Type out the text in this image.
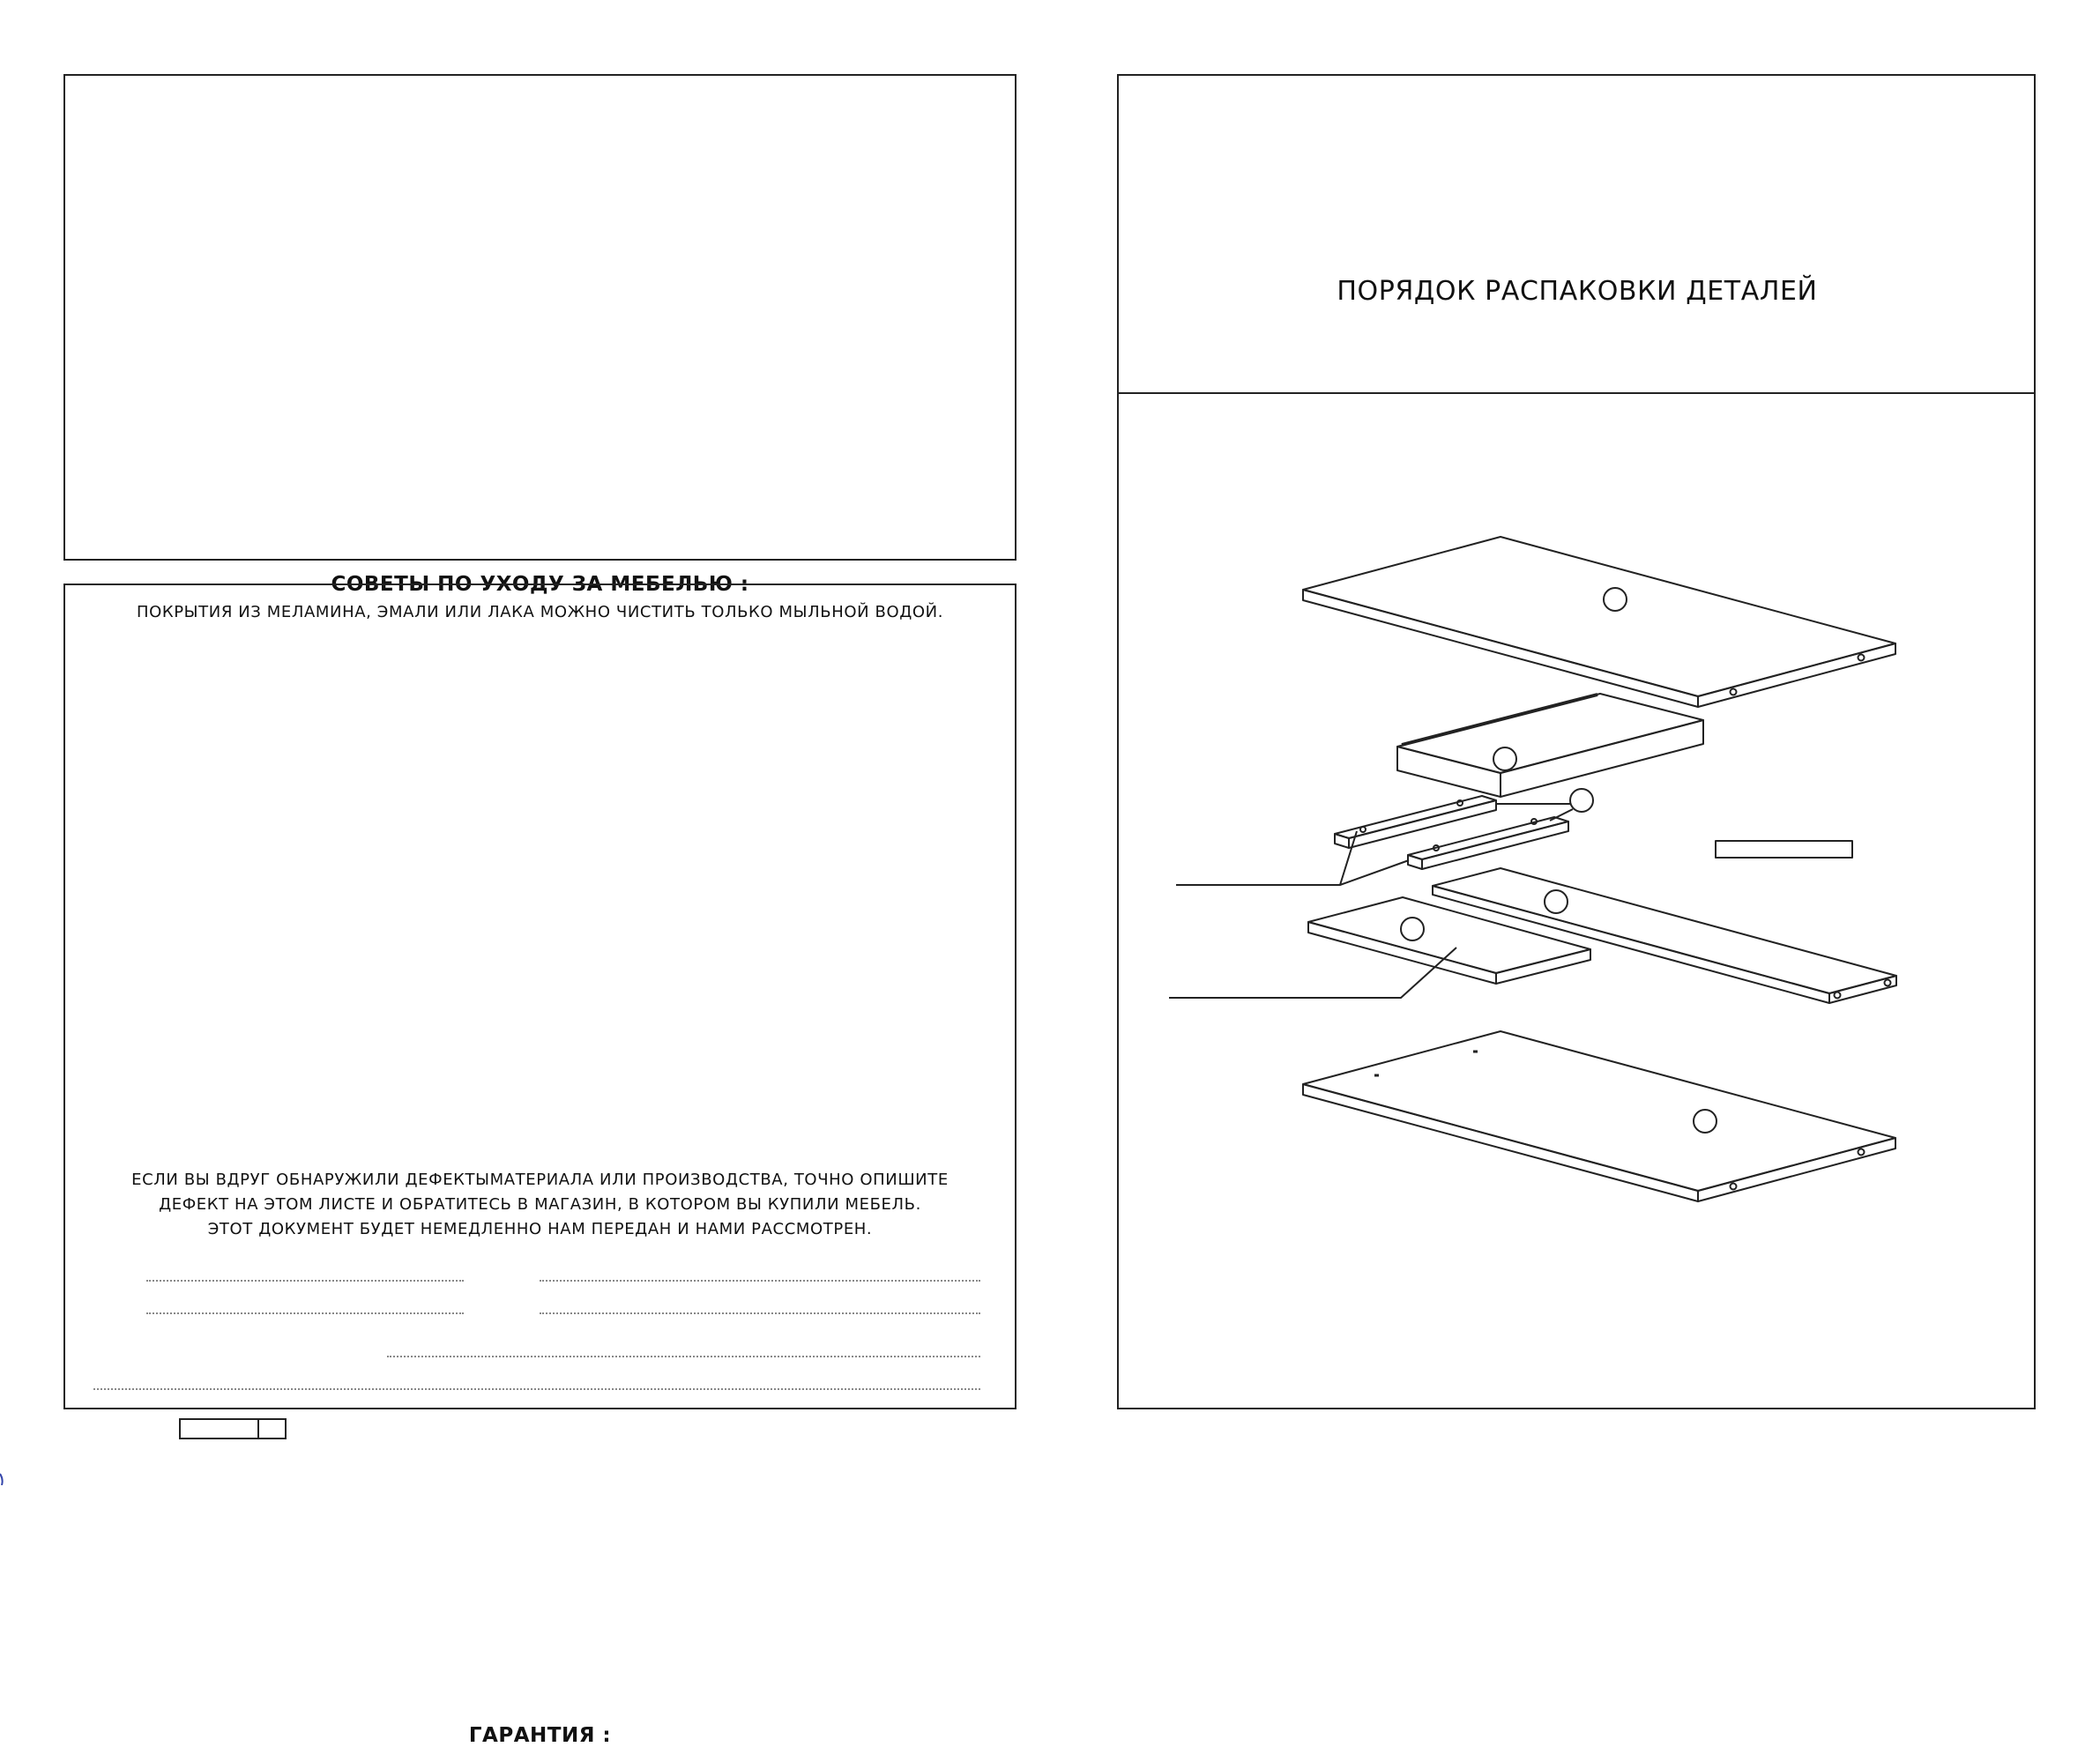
СОВЕТЫ ПО УХОДУ ЗА МЕБЕЛЬЮ :
ПОКРЫТИЯ ИЗ МЕЛАМИНА, ЭМАЛИ ИЛИ ЛАКА МОЖНО ЧИСТИТЬ ТОЛЬКО МЫЛЬНОЙ ВОДОЙ.
ГАРАНТИЯ :
ЕСЛИ ВЫ ВДРУГ ОБНАРУЖИЛИ ДЕФЕКТЫМАТЕРИАЛА ИЛИ ПРОИЗВОДСТВА, ТОЧНО ОПИШИТЕ
ДЕФЕКТ НА ЭТОМ ЛИСТЕ И ОБРАТИТЕСЬ В МАГАЗИН, В КОТОРОМ ВЫ КУПИЛИ МЕБЕЛЬ.
ЭТОТ ДОКУМЕНТ БУДЕТ НЕМЕДЛЕННО НАМ ПЕРЕДАН И НАМИ РАССМОТРЕН.
ПОРЯДОК РАСПАКОВКИ ДЕТАЛЕЙ
